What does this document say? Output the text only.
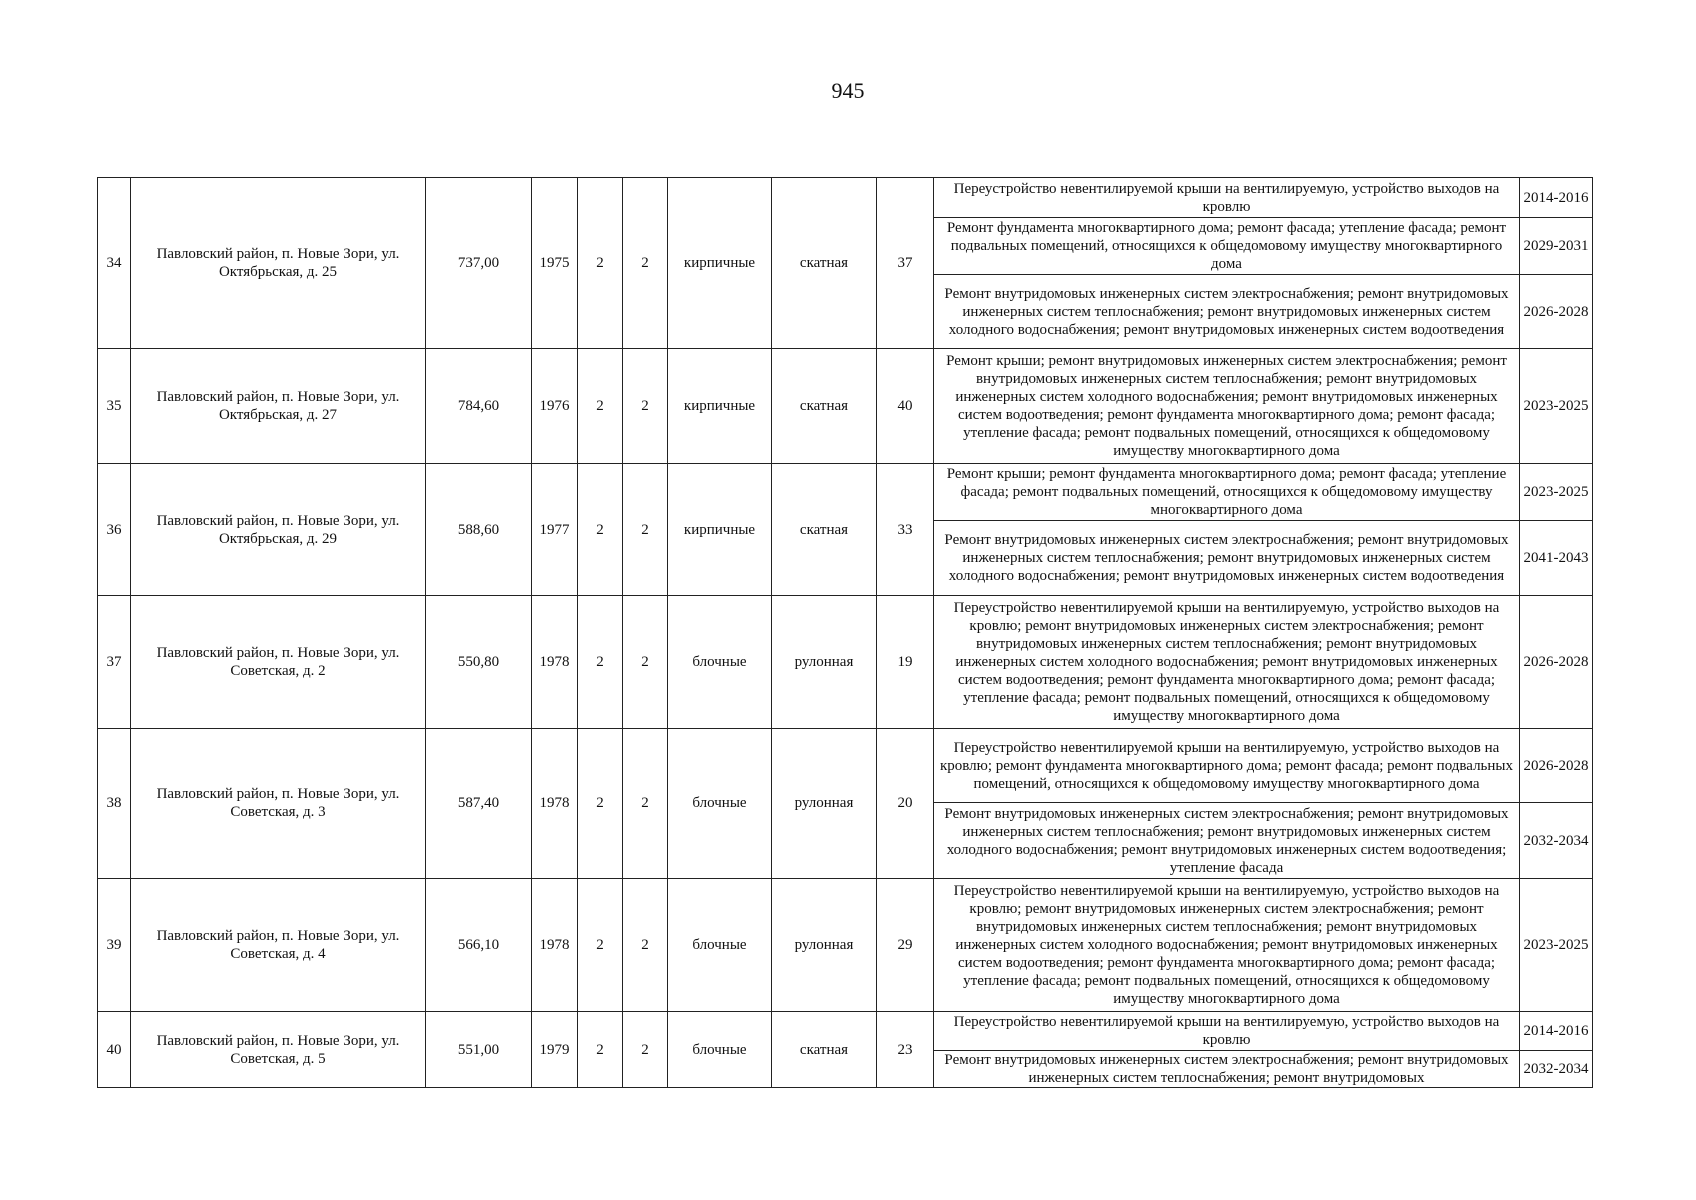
945
34	Павловский район, п. Новые Зори, ул. Октябрьская, д. 25	737,00	1975	2	2	кирпичные	скатная	37	Переустройство невентилируемой крыши на вентилируемую, устройство выходов на кровлю	2014-2016
									Ремонт фундамента многоквартирного дома; ремонт фасада; утепление фасада; ремонт подвальных помещений, относящихся к общедомовому имуществу многоквартирного дома	2029-2031
									Ремонт внутридомовых инженерных систем электроснабжения; ремонт внутридомовых инженерных систем теплоснабжения; ремонт внутридомовых инженерных систем холодного водоснабжения; ремонт внутридомовых инженерных систем водоотведения	2026-2028
35	Павловский район, п. Новые Зори, ул. Октябрьская, д. 27	784,60	1976	2	2	кирпичные	скатная	40	Ремонт крыши; ремонт внутридомовых инженерных систем электроснабжения; ремонт внутридомовых инженерных систем теплоснабжения; ремонт внутридомовых инженерных систем холодного водоснабжения; ремонт внутридомовых инженерных систем водоотведения; ремонт фундамента многоквартирного дома; ремонт фасада; утепление фасада; ремонт подвальных помещений, относящихся к общедомовому имуществу многоквартирного дома	2023-2025
36	Павловский район, п. Новые Зори, ул. Октябрьская, д. 29	588,60	1977	2	2	кирпичные	скатная	33	Ремонт крыши; ремонт фундамента многоквартирного дома; ремонт фасада; утепление фасада; ремонт подвальных помещений, относящихся к общедомовому имуществу многоквартирного дома	2023-2025
									Ремонт внутридомовых инженерных систем электроснабжения; ремонт внутридомовых инженерных систем теплоснабжения; ремонт внутридомовых инженерных систем холодного водоснабжения; ремонт внутридомовых инженерных систем водоотведения	2041-2043
37	Павловский район, п. Новые Зори, ул. Советская, д. 2	550,80	1978	2	2	блочные	рулонная	19	Переустройство невентилируемой крыши на вентилируемую, устройство выходов на кровлю; ремонт внутридомовых инженерных систем электроснабжения; ремонт внутридомовых инженерных систем теплоснабжения; ремонт внутридомовых инженерных систем холодного водоснабжения; ремонт внутридомовых инженерных систем водоотведения; ремонт фундамента многоквартирного дома; ремонт фасада; утепление фасада; ремонт подвальных помещений, относящихся к общедомовому имуществу многоквартирного дома	2026-2028
38	Павловский район, п. Новые Зори, ул. Советская, д. 3	587,40	1978	2	2	блочные	рулонная	20	Переустройство невентилируемой крыши на вентилируемую, устройство выходов на кровлю; ремонт фундамента многоквартирного дома; ремонт фасада; ремонт подвальных помещений, относящихся к общедомовому имуществу многоквартирного дома	2026-2028
									Ремонт внутридомовых инженерных систем электроснабжения; ремонт внутридомовых инженерных систем теплоснабжения; ремонт внутридомовых инженерных систем холодного водоснабжения; ремонт внутридомовых инженерных систем водоотведения; утепление фасада	2032-2034
39	Павловский район, п. Новые Зори, ул. Советская, д. 4	566,10	1978	2	2	блочные	рулонная	29	Переустройство невентилируемой крыши на вентилируемую, устройство выходов на кровлю; ремонт внутридомовых инженерных систем электроснабжения; ремонт внутридомовых инженерных систем теплоснабжения; ремонт внутридомовых инженерных систем холодного водоснабжения; ремонт внутридомовых инженерных систем водоотведения; ремонт фундамента многоквартирного дома; ремонт фасада; утепление фасада; ремонт подвальных помещений, относящихся к общедомовому имуществу многоквартирного дома	2023-2025
40	Павловский район, п. Новые Зори, ул. Советская, д. 5	551,00	1979	2	2	блочные	скатная	23	Переустройство невентилируемой крыши на вентилируемую, устройство выходов на кровлю	2014-2016
									Ремонт внутридомовых инженерных систем электроснабжения; ремонт внутридомовых инженерных систем теплоснабжения; ремонт внутридомовых	2032-2034
